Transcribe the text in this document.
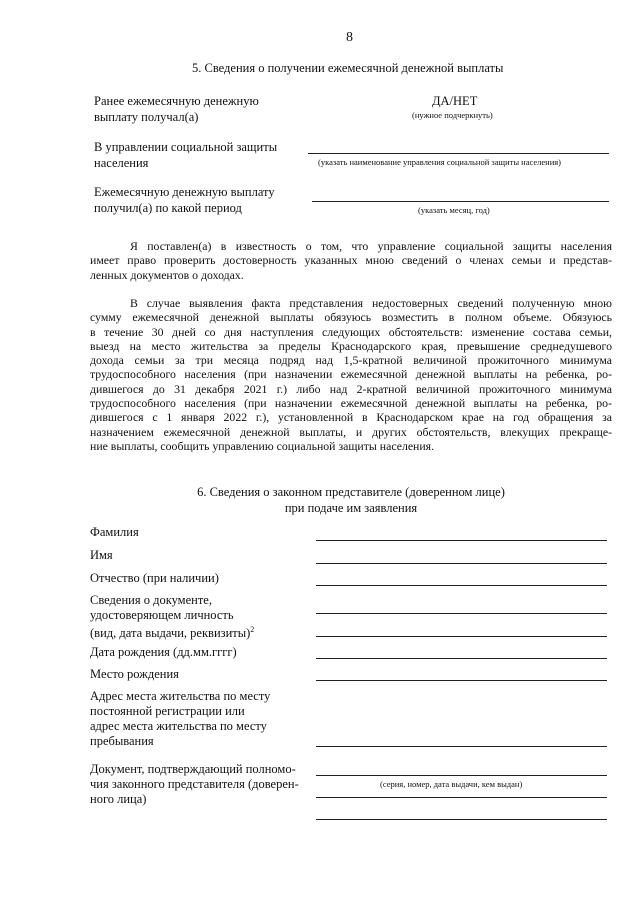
8
5. Сведения о получении ежемесячной денежной выплаты
Ранее ежемесячную денежную
выплату получал(а)
ДА/НЕТ
(нужное подчеркнуть)
В управлении социальной защиты
населения	(указать наименование управления социальной защиты населения)
Ежемесячную денежную выплату
получил(а) по какой период	(указать месяц, год)
Я поставлен(а) в известность о том, что управление социальной защиты населения
имеет право проверить достоверность указанных мною сведений о членах семьи и представ-
ленных документов о доходах.
В случае выявления факта представления недостоверных сведений полученную мною
сумму ежемесячной денежной выплаты обязуюсь возместить в полном объеме. Обязуюсь
в течение 30 дней со дня наступления следующих обстоятельств: изменение состава семьи,
выезд на место жительства за пределы Краснодарского края, превышение среднедушевого
дохода семьи за три месяца подряд над 1,5-кратной величиной прожиточного минимума
трудоспособного населения (при назначении ежемесячной денежной выплаты на ребенка, ро-
дившегося до 31 декабря 2021 г.) либо над 2-кратной величиной прожиточного минимума
трудоспособного населения (при назначении ежемесячной денежной выплаты на ребенка, ро-
дившегося с 1 января 2022 г.), установленной в Краснодарском крае на год обращения за
назначением ежемесячной денежной выплаты, и других обстоятельств, влекущих прекраще-
ние выплаты, сообщить управлению социальной защиты населения.
6. Сведения о законном представителе (доверенном лице)
при подаче им заявления
Фамилия
Имя
Отчество (при наличии)
Сведения о документе,
удостоверяющем личность
(вид, дата выдачи, реквизиты)$^2$
Дата рождения (дд.мм.гггг)
Место рождения
Адрес места жительства по месту
постоянной регистрации или
адрес места жительства по месту
пребывания
Документ, подтверждающий полномо-
чия законного представителя (доверен-
ного лица)
(серия, номер, дата выдачи, кем выдан)
